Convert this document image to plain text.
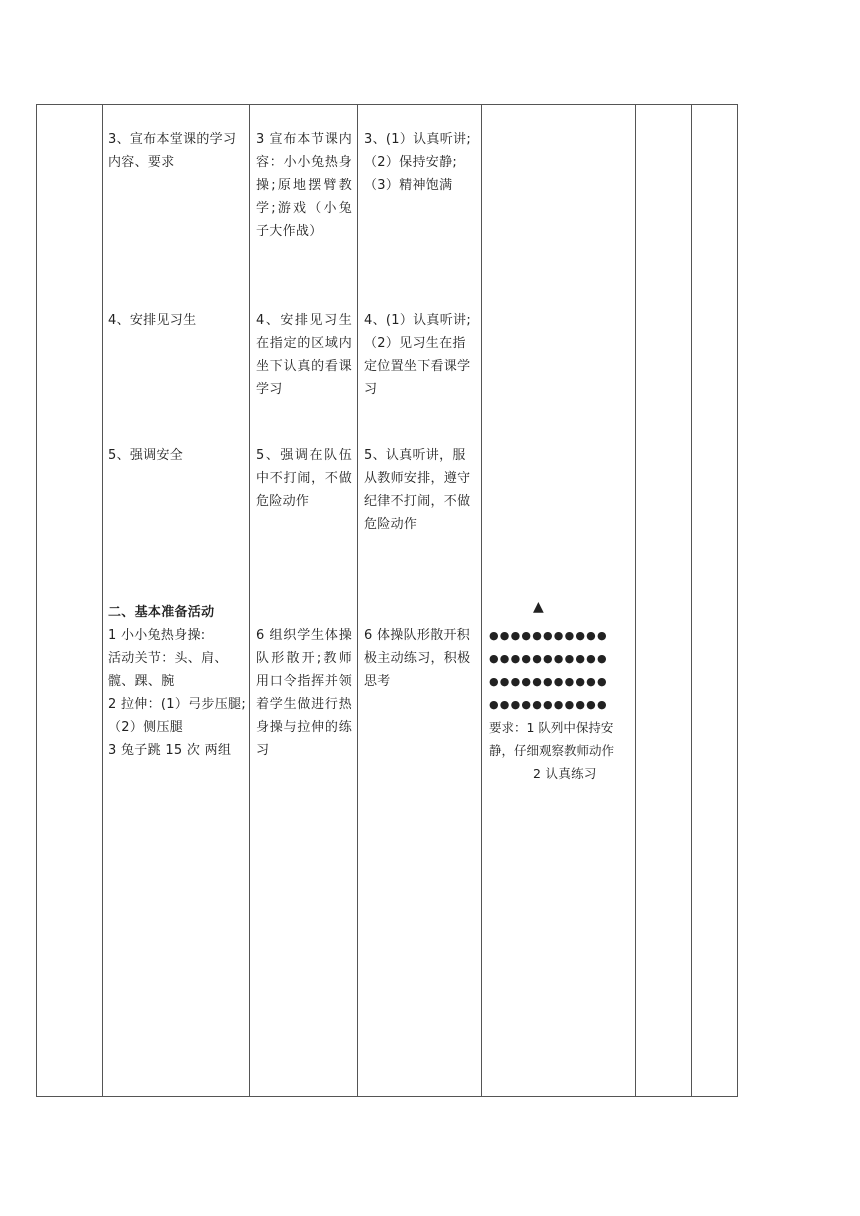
3、宣布本堂课的学习内容、要求
3 宣布本节课内容：小小兔热身操;原地摆臂教学;游戏（小兔子大作战）
3、(1）认真听讲;
（2）保持安静;
（3）精神饱满
4、安排见习生	4、安排见习生在指定的区域内坐下认真的看课学习
4、(1）认真听讲;
（2）见习生在指定位置坐下看课学习
5、强调安全	5、强调在队伍中不打闹，不做危险动作
5、认真听讲，服从教师安排，遵守纪律不打闹，不做危险动作
二、基本准备活动
1 小小兔热身操:
活动关节：头、肩、髋、踝、腕
2 拉伸：(1）弓步压腿;（2）侧压腿
3 兔子跳 15 次 两组
6 组织学生体操队形散开;教师用口令指挥并领着学生做进行热身操与拉伸的练习
6 体操队形散开积极主动练习，积极思考
▲
●●●●●●●●●●●
●●●●●●●●●●●
●●●●●●●●●●●
●●●●●●●●●●●
要求：1 队列中保持安静，仔细观察教师动作
2 认真练习
